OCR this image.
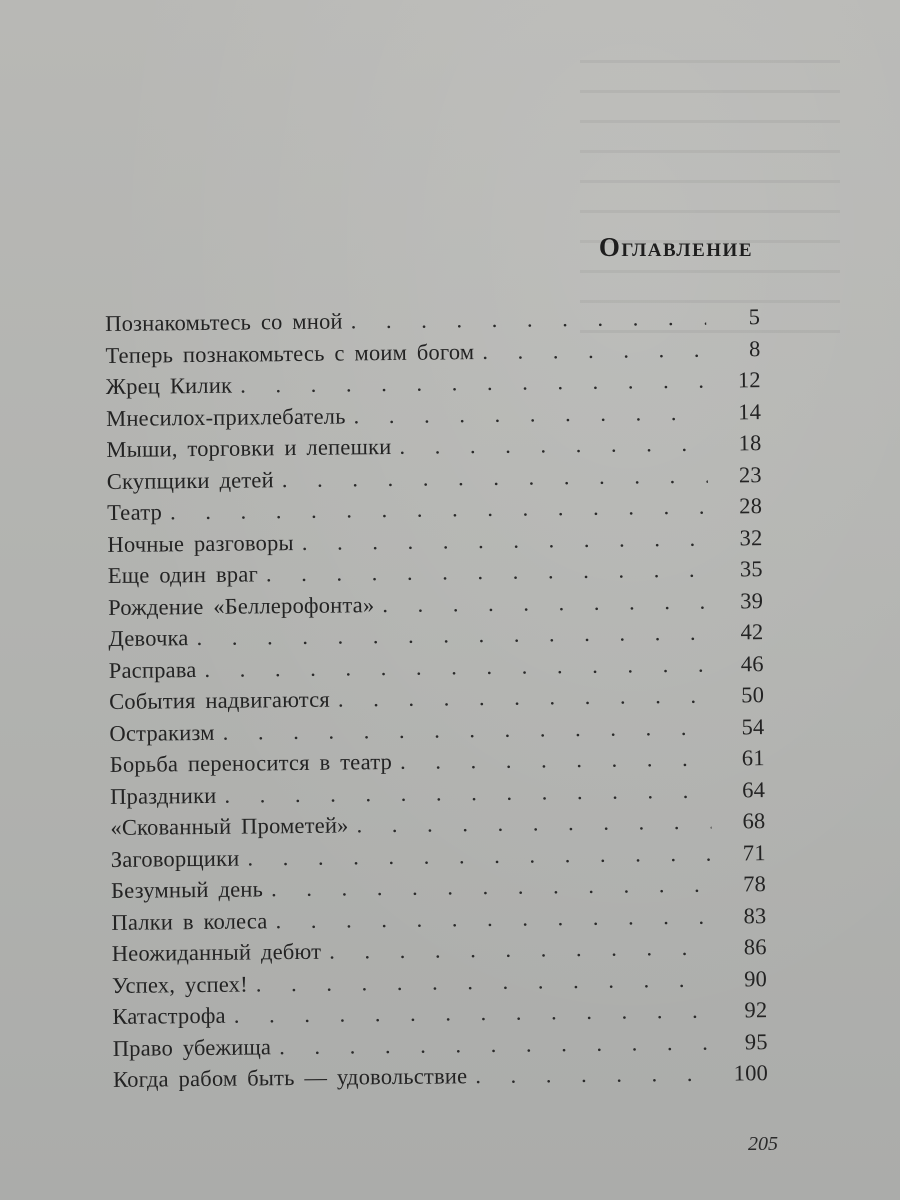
Оглавление
Познакомьтесь со мной . . .	5
Теперь познакомьтесь с моим богом . . .	8
Жрец Килик . . .	12
Мнесилох-прихлебатель . . .	14
Мыши, торговки и лепешки . . .	18
Скупщики детей . . .	23
Театр . . .	28
Ночные разговоры . . .	32
Еще один враг . . .	35
Рождение «Беллерофонта» . . .	39
Девочка . . .	42
Расправа . . .	46
События надвигаются . . .	50
Остракизм . . .	54
Борьба переносится в театр . . .	61
Праздники . . .	64
«Скованный Прометей» . . .	68
Заговорщики . . .	71
Безумный день . . .	78
Палки в колеса . . .	83
Неожиданный дебют . . .	86
Успех, успех! . . .	90
Катастрофа . . .	92
Право убежища . . .	95
Когда рабом быть — удовольствие . . .	100
205
